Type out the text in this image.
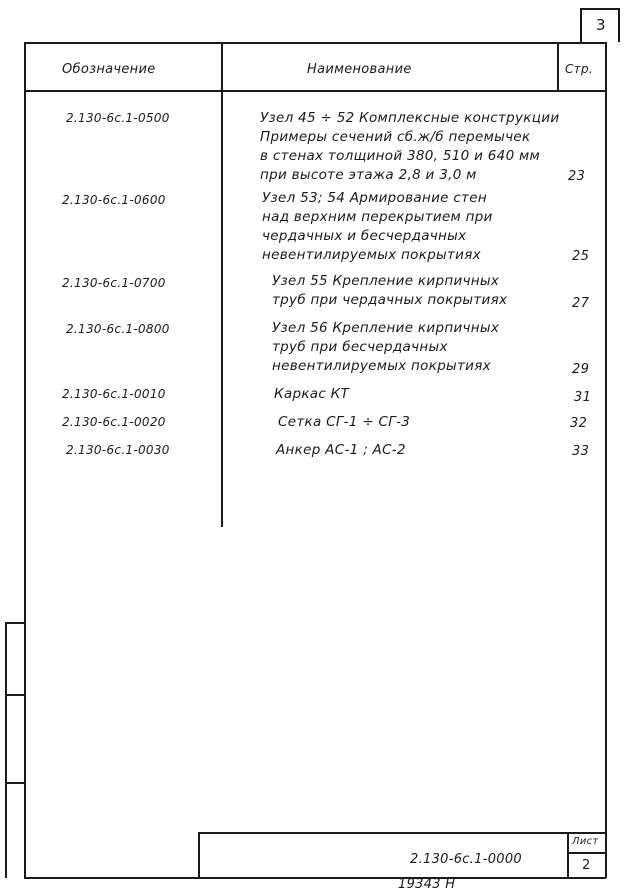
3
Обозначение	Наименование	Стр.
2.130-6с.1-0500	Узел 45 ÷ 52 Комплексные конструкции
Примеры сечений сб.ж/б перемычек
в стенах толщиной 380, 510 и 640 мм
при высоте этажа 2,8 и 3,0 м	23
2.130-6с.1-0600	Узел 53; 54 Армирование стен
над верхним перекрытием при
чердачных и бесчердачных
невентилируемых покрытиях	25
2.130-6с.1-0700	Узел 55 Крепление кирпичных
труб при чердачных покрытиях	27
2.130-6с.1-0800	Узел 56 Крепление кирпичных
труб при бесчердачных
невентилируемых покрытиях	29
2.130-6с.1-0010	Каркас КТ	31
2.130-6с.1-0020	Сетка СГ-1 ÷ СГ-3	32
2.130-6с.1-0030	Анкер АС-1 ; АС-2	33
2.130-6с.1-0000
Лист
2
19343 Н
